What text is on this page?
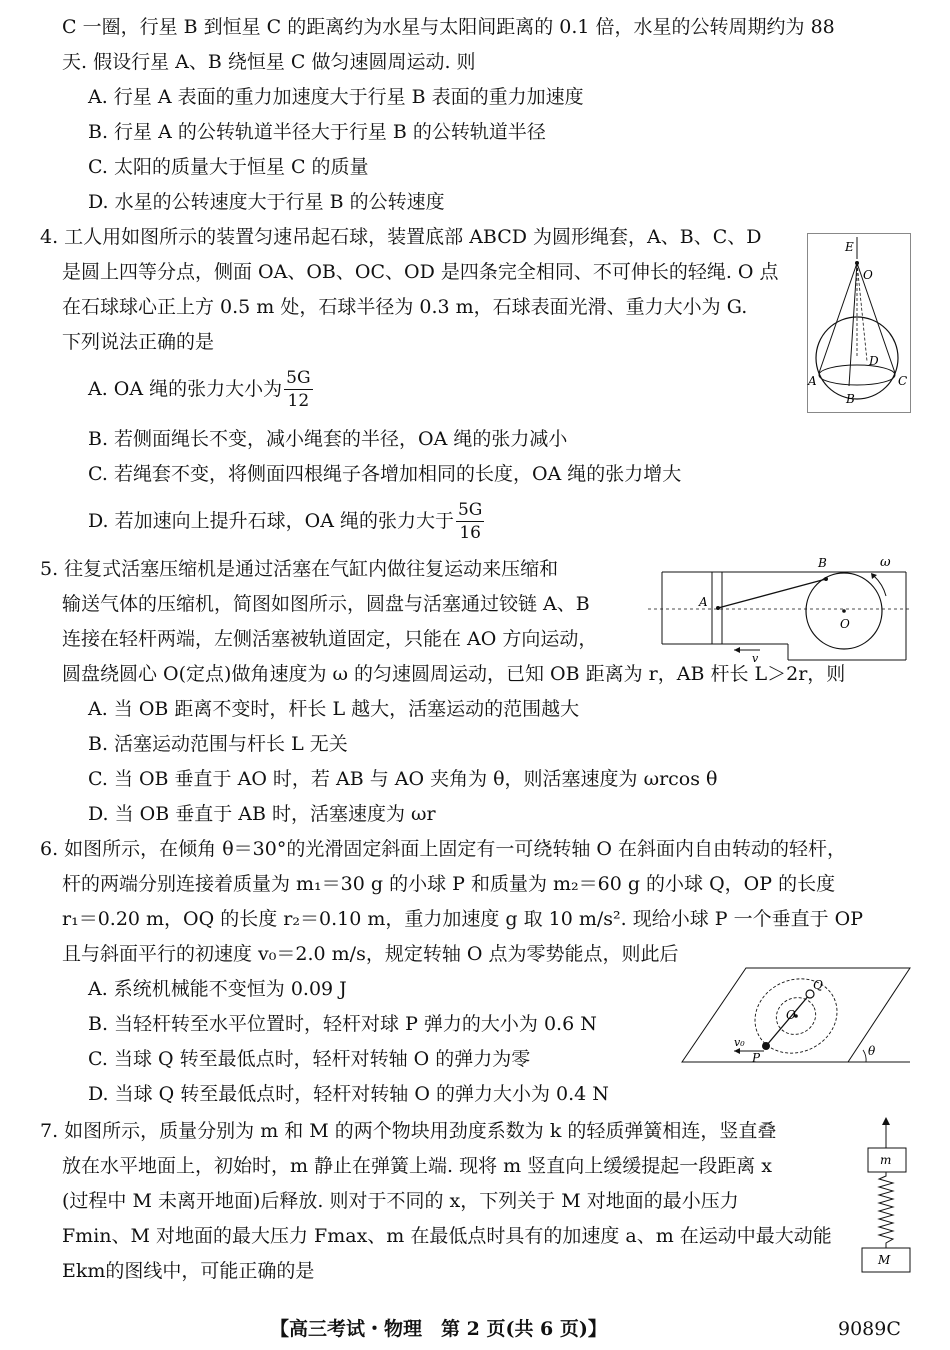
C 一圈，行星 B 到恒星 C 的距离约为水星与太阳间距离的 0.1 倍，水星的公转周期约为 88
天. 假设行星 A、B 绕恒星 C 做匀速圆周运动. 则
A. 行星 A 表面的重力加速度大于行星 B 表面的重力加速度
B. 行星 A 的公转轨道半径大于行星 B 的公转轨道半径
C. 太阳的质量大于恒星 C 的质量
D. 水星的公转速度大于行星 B 的公转速度
4. 工人用如图所示的装置匀速吊起石球，装置底部 ABCD 为圆形绳套，A、B、C、D
是圆上四等分点，侧面 OA、OB、OC、OD 是四条完全相同、不可伸长的轻绳. O 点
在石球球心正上方 0.5 m 处，石球半径为 0.3 m，石球表面光滑、重力大小为 G.
下列说法正确的是
A. OA 绳的张力大小为 $\frac{5G}{12}$
B. 若侧面绳长不变，减小绳套的半径，OA 绳的张力减小
C. 若绳套不变，将侧面四根绳子各增加相同的长度，OA 绳的张力增大
D. 若加速向上提升石球，OA 绳的张力大于 $\frac{5G}{16}$
E
O
A
B
C
D
5. 往复式活塞压缩机是通过活塞在气缸内做往复运动来压缩和
输送气体的压缩机，简图如图所示，圆盘与活塞通过铰链 A、B
连接在轻杆两端，左侧活塞被轨道固定，只能在 AO 方向运动，
圆盘绕圆心 O(定点)做角速度为 ω 的匀速圆周运动，已知 OB 距离为 r，AB 杆长 L＞2r，则
A. 当 OB 距离不变时，杆长 L 越大，活塞运动的范围越大
B. 活塞运动范围与杆长 L 无关
C. 当 OB 垂直于 AO 时，若 AB 与 AO 夹角为 θ，则活塞速度为 ωrcos θ
D. 当 OB 垂直于 AB 时，活塞速度为 ωr
A
B
O
ω
v
6. 如图所示，在倾角 θ＝30°的光滑固定斜面上固定有一可绕转轴 O 在斜面内自由转动的轻杆，
杆的两端分别连接着质量为 m₁＝30 g 的小球 P 和质量为 m₂＝60 g 的小球 Q，OP 的长度
r₁＝0.20 m，OQ 的长度 r₂＝0.10 m，重力加速度 g 取 10 m/s². 现给小球 P 一个垂直于 OP
且与斜面平行的初速度 v₀＝2.0 m/s，规定转轴 O 点为零势能点，则此后
A. 系统机械能不变恒为 0.09 J
B. 当轻杆转至水平位置时，轻杆对球 P 弹力的大小为 0.6 N
C. 当球 Q 转至最低点时，轻杆对转轴 O 的弹力为零
D. 当球 Q 转至最低点时，轻杆对转轴 O 的弹力大小为 0.4 N
Q
O
P
v₀
θ
7. 如图所示，质量分别为 m 和 M 的两个物块用劲度系数为 k 的轻质弹簧相连，竖直叠
放在水平地面上，初始时，m 静止在弹簧上端. 现将 m 竖直向上缓缓提起一段距离 x
(过程中 M 未离开地面)后释放. 则对于不同的 x，下列关于 M 对地面的最小压力
Fmin、M 对地面的最大压力 Fmax、m 在最低点时具有的加速度 a、m 在运动中最大动能
Ekm的图线中，可能正确的是
m
M
【高三考试・物理　第 2 页(共 6 页)】	9089C
